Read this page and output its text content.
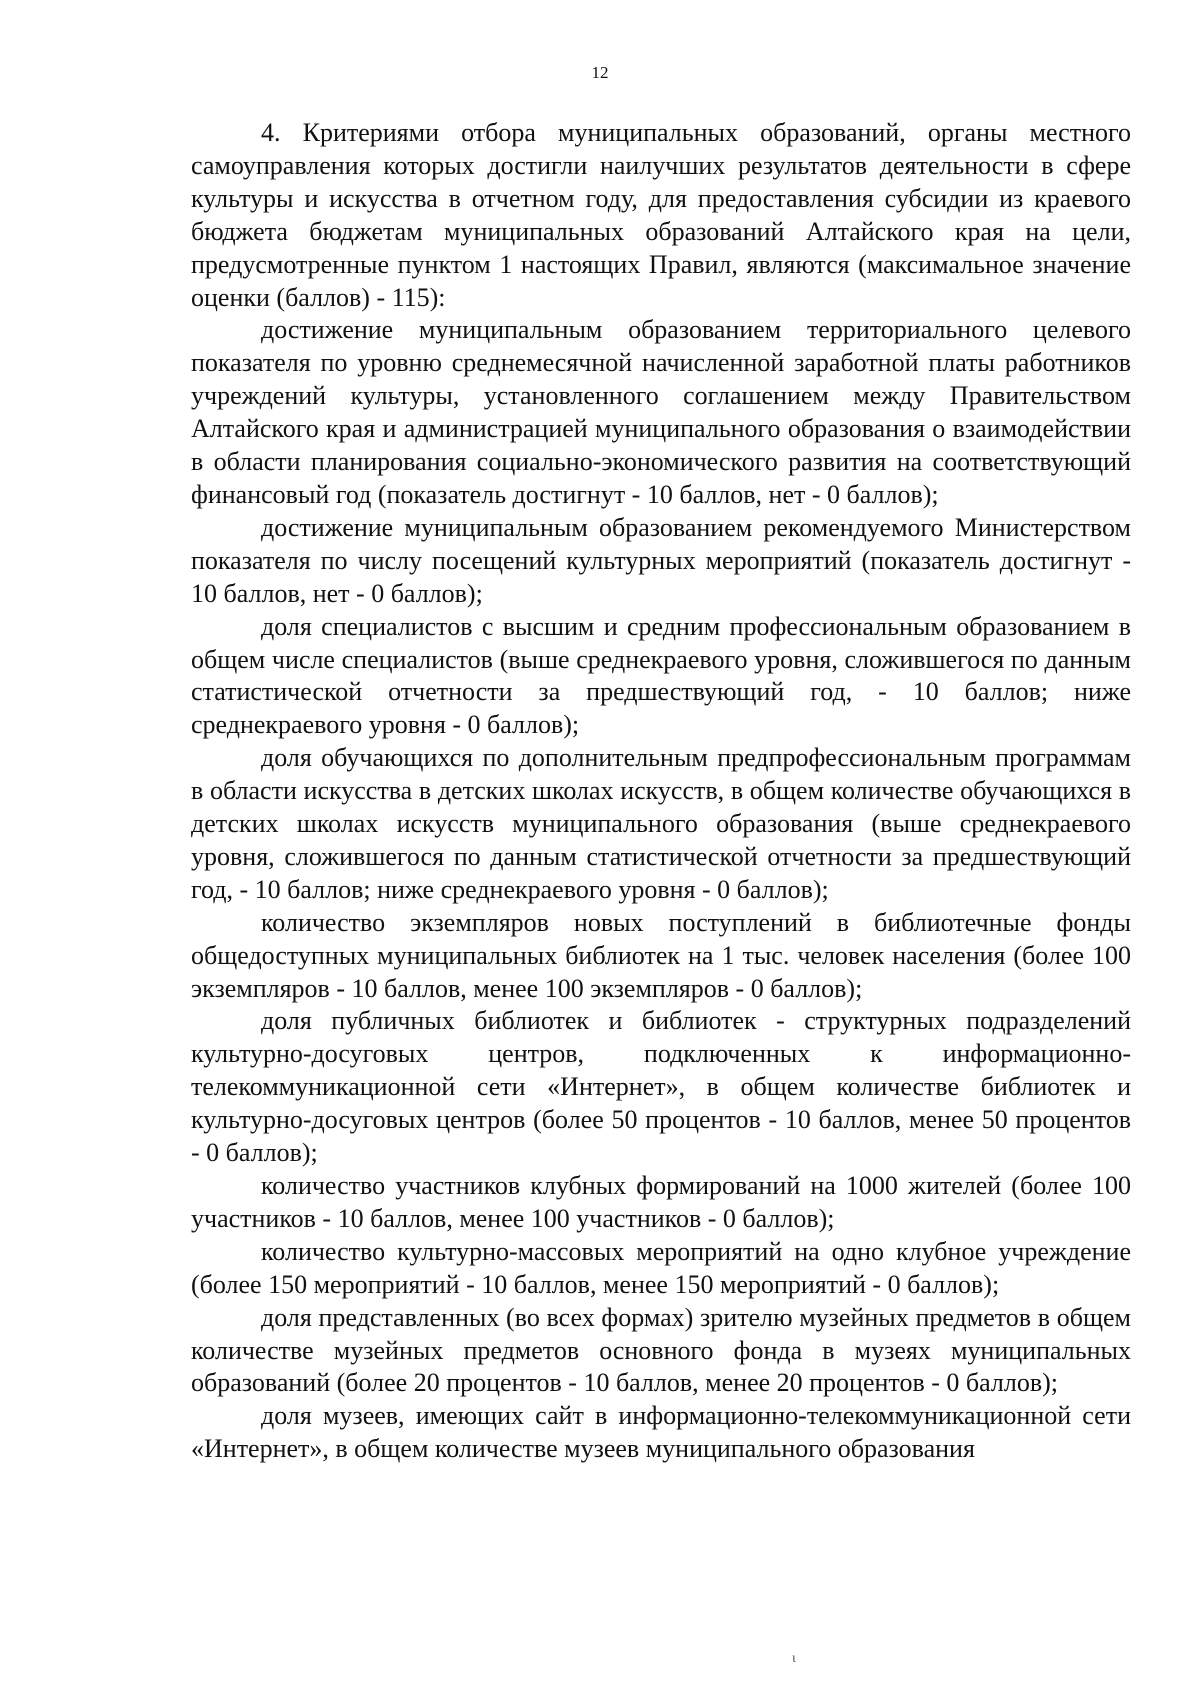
12

4. Критериями отбора муниципальных образований, органы местного самоуправления которых достигли наилучших результатов деятельности в сфере культуры и искусства в отчетном году, для предоставления субсидии из краевого бюджета бюджетам муниципальных образований Алтайского края на цели, предусмотренные пунктом 1 настоящих Правил, являются (максимальное значение оценки (баллов) - 115):

достижение муниципальным образованием территориального целевого показателя по уровню среднемесячной начисленной заработной платы работников учреждений культуры, установленного соглашением между Правительством Алтайского края и администрацией муниципального образования о взаимодействии в области планирования социально-экономического развития на соответствующий финансовый год (показатель достигнут - 10 баллов, нет - 0 баллов);

достижение муниципальным образованием рекомендуемого Министерством показателя по числу посещений культурных мероприятий (показатель достигнут - 10 баллов, нет - 0 баллов);

доля специалистов с высшим и средним профессиональным образованием в общем числе специалистов (выше среднекраевого уровня, сложившегося по данным статистической отчетности за предшествующий год, - 10 баллов; ниже среднекраевого уровня - 0 баллов);

доля обучающихся по дополнительным предпрофессиональным программам в области искусства в детских школах искусств, в общем количестве обучающихся в детских школах искусств муниципального образования (выше среднекраевого уровня, сложившегося по данным статистической отчетности за предшествующий год, - 10 баллов; ниже среднекраевого уровня - 0 баллов);

количество экземпляров новых поступлений в библиотечные фонды общедоступных муниципальных библиотек на 1 тыс. человек населения (более 100 экземпляров - 10 баллов, менее 100 экземпляров - 0 баллов);

доля публичных библиотек и библиотек - структурных подразделений культурно-досуговых центров, подключенных к информационно-телекоммуникационной сети «Интернет», в общем количестве библиотек и культурно-досуговых центров (более 50 процентов - 10 баллов, менее 50 процентов - 0 баллов);

количество участников клубных формирований на 1000 жителей (более 100 участников - 10 баллов, менее 100 участников - 0 баллов);

количество культурно-массовых мероприятий на одно клубное учреждение (более 150 мероприятий - 10 баллов, менее 150 мероприятий - 0 баллов);

доля представленных (во всех формах) зрителю музейных предметов в общем количестве музейных предметов основного фонда в музеях муниципальных образований (более 20 процентов - 10 баллов, менее 20 процентов - 0 баллов);

доля музеев, имеющих сайт в информационно-телекоммуникационной сети «Интернет», в общем количестве музеев муниципального образования

ι
